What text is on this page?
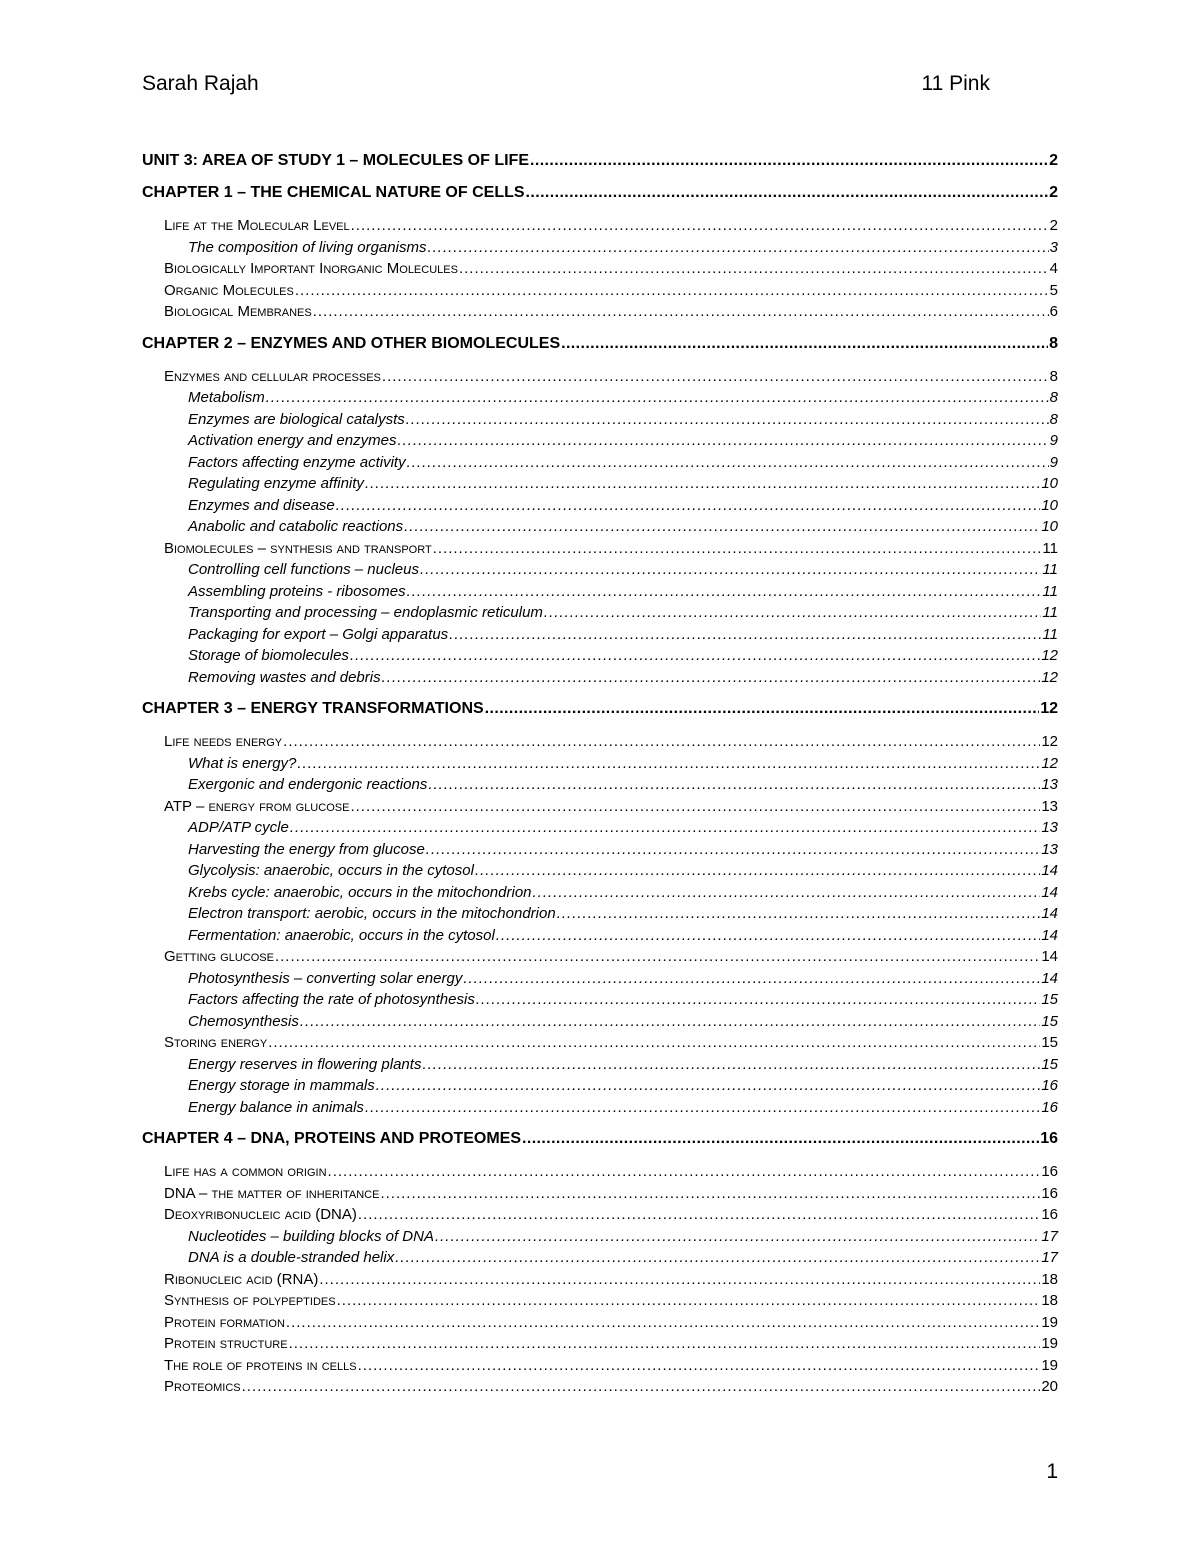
Sarah Rajah	11 Pink
UNIT 3: AREA OF STUDY 1 – MOLECULES OF LIFE .....	2
CHAPTER 1 – THE CHEMICAL NATURE OF CELLS .....	2
Life at the Molecular Level .....	2
The composition of living organisms .....	3
Biologically Important Inorganic Molecules .....	4
Organic Molecules .....	5
Biological Membranes .....	6
CHAPTER 2 – ENZYMES AND OTHER BIOMOLECULES .....	8
Enzymes and cellular processes .....	8
Metabolism .....	8
Enzymes are biological catalysts .....	8
Activation energy and enzymes .....	9
Factors affecting enzyme activity .....	9
Regulating enzyme affinity .....	10
Enzymes and disease .....	10
Anabolic and catabolic reactions .....	10
Biomolecules – synthesis and transport .....	11
Controlling cell functions – nucleus .....	11
Assembling proteins - ribosomes .....	11
Transporting and processing – endoplasmic reticulum .....	11
Packaging for export – Golgi apparatus .....	11
Storage of biomolecules .....	12
Removing wastes and debris .....	12
CHAPTER 3 – ENERGY TRANSFORMATIONS .....	12
Life needs energy .....	12
What is energy? .....	12
Exergonic and endergonic reactions .....	13
ATP – energy from glucose .....	13
ADP/ATP cycle .....	13
Harvesting the energy from glucose .....	13
Glycolysis: anaerobic, occurs in the cytosol .....	14
Krebs cycle: anaerobic, occurs in the mitochondrion .....	14
Electron transport: aerobic, occurs in the mitochondrion .....	14
Fermentation: anaerobic, occurs in the cytosol .....	14
Getting glucose .....	14
Photosynthesis – converting solar energy .....	14
Factors affecting the rate of photosynthesis .....	15
Chemosynthesis .....	15
Storing energy .....	15
Energy reserves in flowering plants .....	15
Energy storage in mammals .....	16
Energy balance in animals .....	16
CHAPTER 4 – DNA, PROTEINS AND PROTEOMES .....	16
Life has a common origin .....	16
DNA – the matter of inheritance .....	16
Deoxyribonucleic acid (DNA) .....	16
Nucleotides – building blocks of DNA .....	17
DNA is a double-stranded helix .....	17
Ribonucleic acid (RNA) .....	18
Synthesis of polypeptides .....	18
Protein formation .....	19
Protein structure .....	19
The role of proteins in cells .....	19
Proteomics .....	20
1
